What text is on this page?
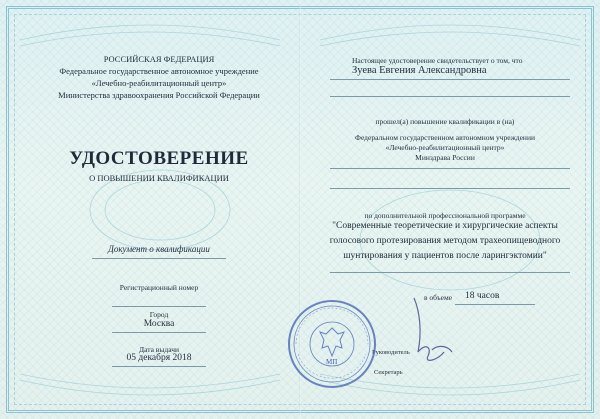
РОССИЙСКАЯ ФЕДЕРАЦИЯ
Федеральное государственное автономное учреждение
«Лечебно-реабилитационный центр»
Министерства здравоохранения Российской Федерации
УДОСТОВЕРЕНИЕ
О ПОВЫШЕНИИ КВАЛИФИКАЦИИ
Документ о квалификации
Регистрационный номер
Город
Москва
Дата выдачи
05 декабря 2018
Настоящее удостоверение свидетельствует о том, что
Зуева Евгения Александровна
прошел(а) повышение квалификации в (на)
Федеральном государственном автономном учреждении
«Лечебно-реабилитационный центр»
Минздрава России
по дополнительной профессиональной программе
"Современные теоретические и хирургические аспекты
голосового протезирования методом трахеопищеводного
шунтирования у пациентов после ларингэктомии"
в объеме 18 часов
Руководитель
Секретарь
МП
